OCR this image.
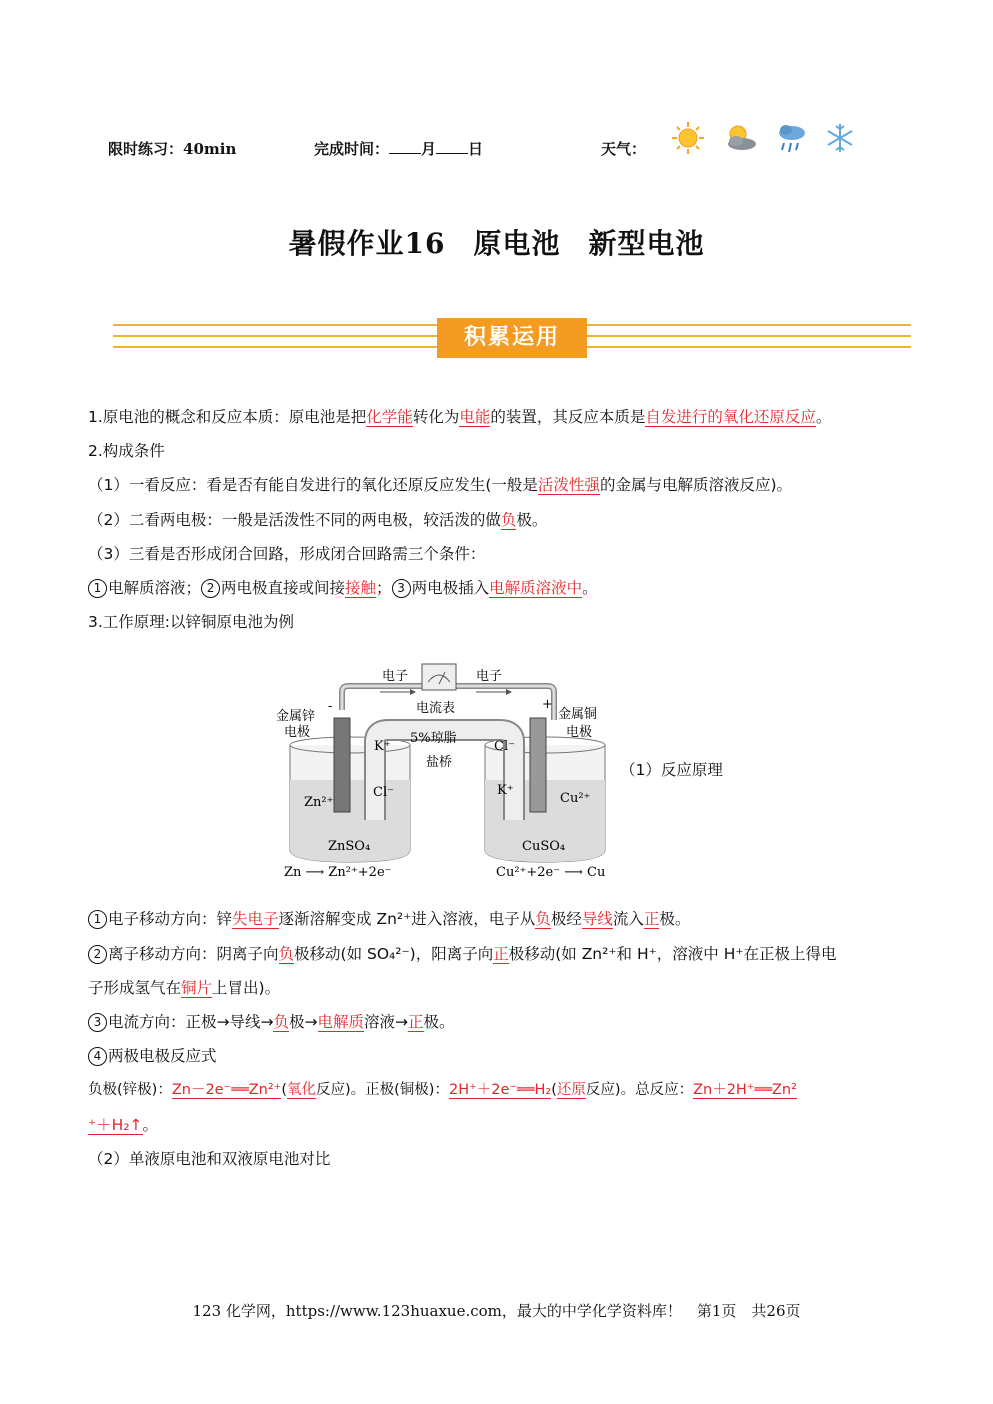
限时练习：40min	完成时间： 月 日	天气：
暑假作业16 原电池 新型电池
积累运用
1.原电池的概念和反应本质：原电池是把化学能转化为电能的装置，其反应本质是自发进行的氧化还原反应。
2.构成条件
（1）一看反应：看是否有能自发进行的氧化还原反应发生(一般是活泼性强的金属与电解质溶液反应)。
（2）二看两电极：一般是活泼性不同的两电极，较活泼的做负极。
（3）三看是否形成闭合回路，形成闭合回路需三个条件：
1 电解质溶液； 2 两电极直接或间接接触； 3 两电极插入电解质溶液中。
3.工作原理:以锌铜原电池为例
电子	电子
电流表
金属锌
电极
金属铜
电极
-	+
5%琼脂
盐桥
K⁺	Cl⁻
Cl⁻	K⁺
Zn²⁺	Cu²⁺
ZnSO₄	CuSO₄
Zn ⟶ Zn²⁺+2e⁻	Cu²⁺+2e⁻ ⟶ Cu
（1）反应原理
1 电子移动方向：锌失电子逐渐溶解变成 Zn²⁺进入溶液，电子从负极经导线流入正极。
2 离子移动方向：阴离子向负极移动(如 SO₄²⁻)，阳离子向正极移动(如 Zn²⁺和 H⁺，溶液中 H⁺在正极上得电
子形成氢气在铜片上冒出)。
3 电流方向：正极→导线→负极→电解质溶液→正极。
4 两极电极反应式
负极(锌极)：Zn－2e⁻══Zn²⁺(氧化反应)。正极(铜极)：2H⁺＋2e⁻══H₂(还原反应)。总反应：Zn＋2H⁺══Zn²
⁺＋H₂↑。
（2）单液原电池和双液原电池对比
123 化学网，https://www.123huaxue.com，最大的中学化学资料库！　第1页　共26页
